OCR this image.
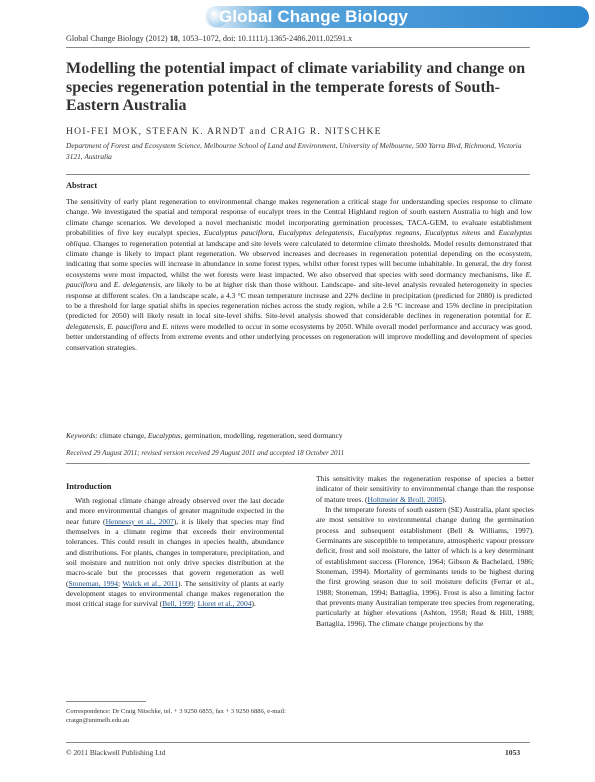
Global Change Biology
Global Change Biology (2012) 18, 1053–1072, doi: 10.1111/j.1365-2486.2011.02591.x
Modelling the potential impact of climate variability and change on species regeneration potential in the temperate forests of South-Eastern Australia
HOI-FEI MOK, STEFAN K. ARNDT and CRAIG R. NITSCHKE
Department of Forest and Ecosystem Science, Melbourne School of Land and Environment, University of Melbourne, 500 Yarra Blvd, Richmond, Victoria 3121, Australia
Abstract
The sensitivity of early plant regeneration to environmental change makes regeneration a critical stage for understanding species response to climate change. We investigated the spatial and temporal response of eucalypt trees in the Central Highland region of south eastern Australia to high and low climate change scenarios. We developed a novel mechanistic model incorporating germination processes, TACA-GEM, to evaluate establishment probabilities of five key eucalypt species, Eucalyptus pauciflora, Eucalyptus delegatensis, Eucalyptus regnans, Eucalyptus nitens and Eucalyptus obliqua. Changes to regeneration potential at landscape and site levels were calculated to determine climate thresholds. Model results demonstrated that climate change is likely to impact plant regeneration. We observed increases and decreases in regeneration potential depending on the ecosystem, indicating that some species will increase in abundance in some forest types, whilst other forest types will become inhabitable. In general, the dry forest ecosystems were most impacted, whilst the wet forests were least impacted. We also observed that species with seed dormancy mechanisms, like E. pauciflora and E. delegatensis, are likely to be at higher risk than those without. Landscape- and site-level analysis revealed heterogeneity in species response at different scales. On a landscape scale, a 4.3 °C mean temperature increase and 22% decline in precipitation (predicted for 2080) is predicted to be a threshold for large spatial shifts in species regeneration niches across the study region, while a 2.6 °C increase and 15% decline in precipitation (predicted for 2050) will likely result in local site-level shifts. Site-level analysis showed that considerable declines in regeneration potential for E. delegatensis, E. pauciflora and E. nitens were modelled to occur in some ecosystems by 2050. While overall model performance and accuracy was good, better understanding of effects from extreme events and other underlying processes on regeneration will improve modelling and development of species conservation strategies.
Keywords: climate change, Eucalyptus, germination, modelling, regeneration, seed dormancy
Received 29 August 2011; revised version received 29 August 2011 and accepted 18 October 2011
Introduction

With regional climate change already observed over the last decade and more environmental changes of greater magnitude expected in the near future (Hennessy et al., 2007), it is likely that species may find themselves in a climate regime that exceeds their environmental tolerances. This could result in changes in species health, abundance and distributions. For plants, changes in temperature, precipitation, and soil moisture and nutrition not only drive species distribution at the macro-scale but the processes that govern regeneration as well (Stoneman, 1994; Walck et al., 2011). The sensitivity of plants at early development stages to environmental change makes regeneration the most critical stage for survival (Bell, 1999; Lloret et al., 2004).

This sensitivity makes the regeneration response of species a better indicator of their sensitivity to environmental change than the response of mature trees. (Holtmeier & Broll, 2005).

In the temperate forests of south eastern (SE) Australia, plant species are most sensitive to environmental change during the germination process and subsequent establishment (Bell & Williams, 1997). Germinants are susceptible to temperature, atmospheric vapour pressure deficit, frost and soil moisture, the latter of which is a key determinant of establishment success (Florence, 1964; Gibson & Bachelard, 1986; Stoneman, 1994). Mortality of germinants tends to be highest during the first growing season due to soil moisture deficits (Ferrar et al., 1988; Stoneman, 1994; Battaglia, 1996). Frost is also a limiting factor that prevents many Australian temperate tree species from regenerating, particularly at higher elevations (Ashton, 1958; Read & Hill, 1988; Battaglia, 1996). The climate change projections by the

Correspondence: Dr Craig Nitschke, tel. + 3 9250 6855, fax + 3 9250 6886, e-mail: craign@unimelb.edu.au
© 2011 Blackwell Publishing Ltd	1053
